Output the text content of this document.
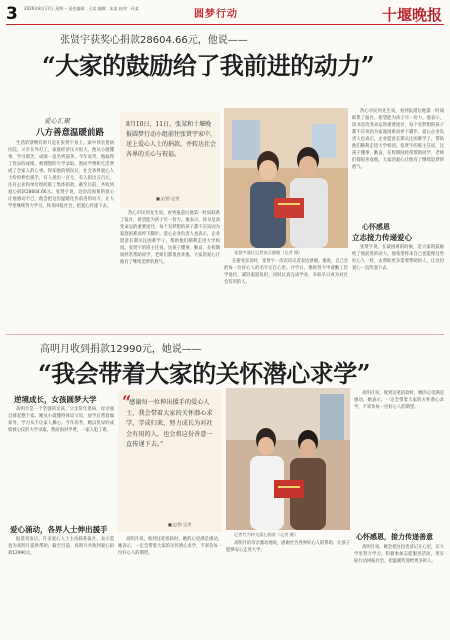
3 2026年8月17日 星期一 责任编辑：王某 编辑：朱某 校对：孙某
圆梦行动	十堰晚报
张贤宇获奖心捐款28604.66元，他说——
“大家的鼓励给了我前进的动力”
爱心汇聚
八方善意温暖前路

生活的馈赠有时只是在张贤宇身上。家中母亲患病住院，父亲在外打工，家庭经济压力很大。他从小就懂事，学习刻苦，成绩一直名列前茅。今年高考，他取得了优异的成绩，被理想的大学录取。然而学费和生活费成了全家人的心事。得知他的情况后，社会各界爱心人士纷纷伸出援手，有人捐出一百元，有人捐出五百元，还有企业和单位组织职工集体捐款。截至目前，共收到爱心捐款28604.66元。张贤宇说，这份沉甸甸的爱心让他感动不已，他会把这份温暖化作前进的动力，在大学里继续努力学习，将来回报社会，把爱心传递下去。

热心市民何先生说，看到报道后他第一时间联系了报社，希望能为孩子尽一份力。他表示，读书是改变命运的重要途径，每个有梦想的孩子都不应该因为家庭困难而停下脚步。爱心企业负责人也表示，企业愿意长期关注困难学子，帮助他们顺利走进大学校园。张贤宇的班主任说，这孩子懂事、勤奋，在校期间经常帮助同学，老师们都很喜欢他。大家的爱心让他有了继续追梦的底气。

8月10日，11日，张某和十堰晚报圆梦行动小组前往张贤宇家中，送上爱心人士的捐款，并转达社会各界的关心与祝福。
■文/图 记者
张贤宇通过记者表示感谢（记者 摄）

在接受采访时，张贤宇一次次向记者表达感谢。他说，自己会把每一位好心人的名字记在心里。开学后，他将努力申请勤工俭学岗位，减轻家庭负担，同时认真完成学业，争取早日成为对社会有用的人。

热心市民何先生说，看到报道后他第一时间联系了报社，希望能为孩子尽一份力。他表示，读书是改变命运的重要途径，每个有梦想的孩子都不应该因为家庭困难而停下脚步。爱心企业负责人也表示，企业愿意长期关注困难学子，帮助他们顺利走进大学校园。张贤宇的班主任说，这孩子懂事、勤奋，在校期间经常帮助同学，老师们都很喜欢他。大家的爱心让他有了继续追梦的底气。

心怀感恩
立志接力传递爱心

张贤宇说，在最困难的时候，是大家的鼓励给了他前进的动力。他希望将来自己也能像这些好心人一样，去帮助更多需要帮助的人，让这份爱心一直传递下去。

高明月收到捐款12990元，她说——
“我会带着大家的关怀潜心求学”
逆境成长，女孩圆梦大学

高明月是一个坚强的女孩。父亲常年患病，母亲独自撑起整个家。她从小就懂得体谅父母，放学后帮着做家务，学习从不让家人操心。今年高考，她以优异的成绩被心仪的大学录取。然而面对学费，一家人犯了难。

爱心涌动，各界人士伸出援手

报道刊发后，许多爱心人士主动联系报社，表示愿意为高明月提供帮助。截至目前，高明月共收到爱心捐款12990元。

“
“感谢每一位伸出援手的爱心人士，我会带着大家的关怀潜心求学，学成归来，努力成长为对社会有用的人，也会将这份善意一直传递下去。”
■文/图 记者

高明月说，收到这笔捐款时，她的心里满是感动。她表示，一定会带着大家的关怀潜心求学，不辜负每一位好心人的期望。

记者代为转交爱心捐款（记者 摄）

高明月的母亲激动地说，感谢社会各界好心人的帮助，让孩子能够安心走进大学。

高明月说，收到这笔捐款时，她的心里满是感动。她表示，一定会带着大家的关怀潜心求学，不辜负每一位好心人的期望。

心怀感恩，接力传递善意

高明月说，她会把这份善意记在心里，在大学里努力学习，积极参加志愿服务活动，用实际行动回报社会，把温暖传递给更多的人。
